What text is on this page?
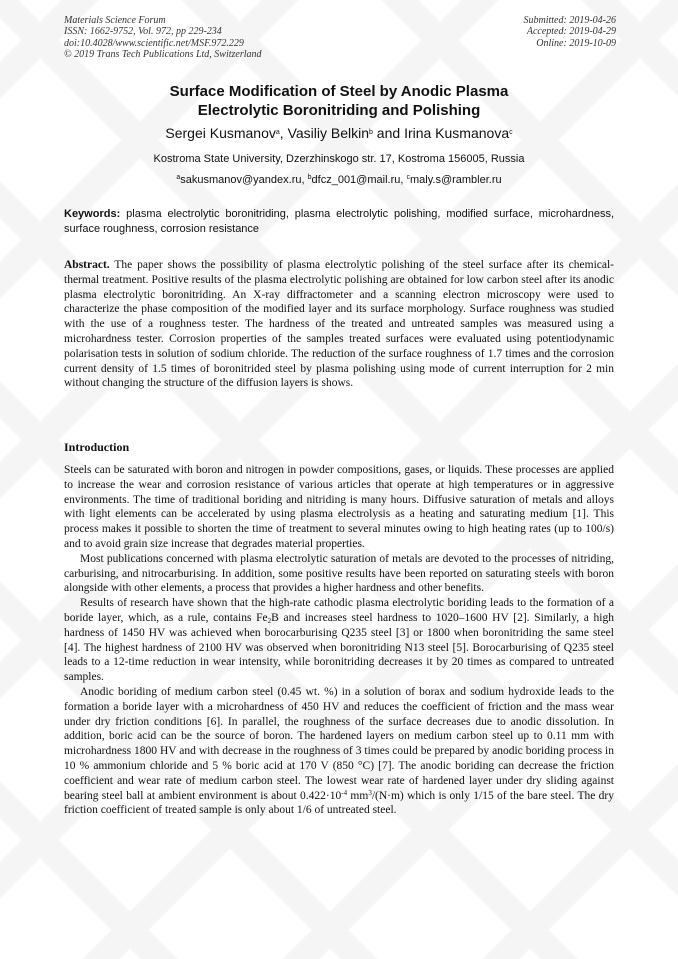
Materials Science Forum
ISSN: 1662-9752, Vol. 972, pp 229-234
doi:10.4028/www.scientific.net/MSF.972.229
© 2019 Trans Tech Publications Ltd, Switzerland
Submitted: 2019-04-26
Accepted: 2019-04-29
Online: 2019-10-09
Surface Modification of Steel by Anodic Plasma
Electrolytic Boronitriding and Polishing
Sergei Kusmanov$^a$, Vasiliy Belkin$^b$ and Irina Kusmanova$^c$
Kostroma State University, Dzerzhinskogo str. 17, Kostroma 156005, Russia
$^a$sakusmanov@yandex.ru, $^b$dfcz_001@mail.ru, $^c$maly.s@rambler.ru
Keywords: plasma electrolytic boronitriding, plasma electrolytic polishing, modified surface, microhardness, surface roughness, corrosion resistance
Abstract. The paper shows the possibility of plasma electrolytic polishing of the steel surface after its chemical-thermal treatment. Positive results of the plasma electrolytic polishing are obtained for low carbon steel after its anodic plasma electrolytic boronitriding. An X-ray diffractometer and a scanning electron microscopy were used to characterize the phase composition of the modified layer and its surface morphology. Surface roughness was studied with the use of a roughness tester. The hardness of the treated and untreated samples was measured using a microhardness tester. Corrosion properties of the samples treated surfaces were evaluated using potentiodynamic polarisation tests in solution of sodium chloride. The reduction of the surface roughness of 1.7 times and the corrosion current density of 1.5 times of boronitrided steel by plasma polishing using mode of current interruption for 2 min without changing the structure of the diffusion layers is shows.
Introduction

Steels can be saturated with boron and nitrogen in powder compositions, gases, or liquids. These processes are applied to increase the wear and corrosion resistance of various articles that operate at high temperatures or in aggressive environments. The time of traditional boriding and nitriding is many hours. Diffusive saturation of metals and alloys with light elements can be accelerated by using plasma electrolysis as a heating and saturating medium [1]. This process makes it possible to shorten the time of treatment to several minutes owing to high heating rates (up to 100/s) and to avoid grain size increase that degrades material properties.

Most publications concerned with plasma electrolytic saturation of metals are devoted to the processes of nitriding, carburising, and nitrocarburising. In addition, some positive results have been reported on saturating steels with boron alongside with other elements, a process that provides a higher hardness and other benefits.

Results of research have shown that the high-rate cathodic plasma electrolytic boriding leads to the formation of a boride layer, which, as a rule, contains $Fe_2B$ and increases steel hardness to 1020–1600 HV [2]. Similarly, a high hardness of 1450 HV was achieved when borocarburising Q235 steel [3] or 1800 when boronitriding the same steel [4]. The highest hardness of 2100 HV was observed when boronitriding N13 steel [5]. Borocarburising of Q235 steel leads to a 12-time reduction in wear intensity, while boronitriding decreases it by 20 times as compared to untreated samples.

Anodic boriding of medium carbon steel (0.45 wt. %) in a solution of borax and sodium hydroxide leads to the formation a boride layer with a microhardness of 450 HV and reduces the coefficient of friction and the mass wear under dry friction conditions [6]. In parallel, the roughness of the surface decreases due to anodic dissolution. In addition, boric acid can be the source of boron. The hardened layers on medium carbon steel up to 0.11 mm with microhardness 1800 HV and with decrease in the roughness of 3 times could be prepared by anodic boriding process in 10 % ammonium chloride and 5 % boric acid at 170 V (850 °C) [7]. The anodic boriding can decrease the friction coefficient and wear rate of medium carbon steel. The lowest wear rate of hardened layer under dry sliding against bearing steel ball at ambient environment is about $0.422\cdot 10^{-4}$ $mm^3/(N\cdot m)$ which is only 1/15 of the bare steel. The dry friction coefficient of treated sample is only about 1/6 of untreated steel.
